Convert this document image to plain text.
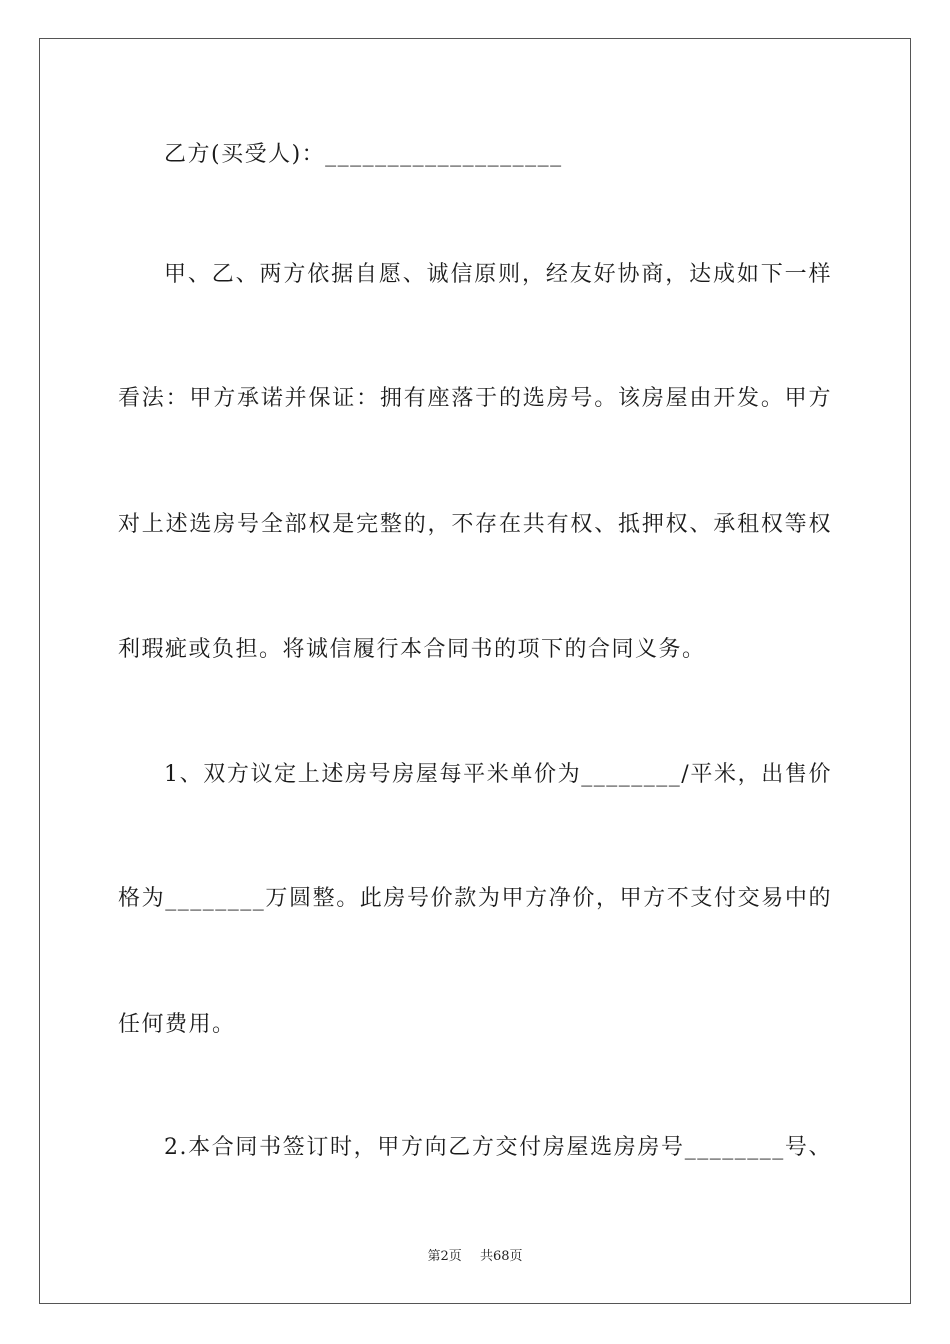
乙方(买受人)：___________________
甲、乙、两方依据自愿、诚信原则，经友好协商，达成如下一样
看法：甲方承诺并保证：拥有座落于的选房号。该房屋由开发。甲方
对上述选房号全部权是完整的，不存在共有权、抵押权、承租权等权
利瑕疵或负担。将诚信履行本合同书的项下的合同义务。
1、双方议定上述房号房屋每平米单价为________/平米，出售价
格为________万圆整。此房号价款为甲方净价，甲方不支付交易中的
任何费用。
2.本合同书签订时，甲方向乙方交付房屋选房房号________号、
第2页 共68页
